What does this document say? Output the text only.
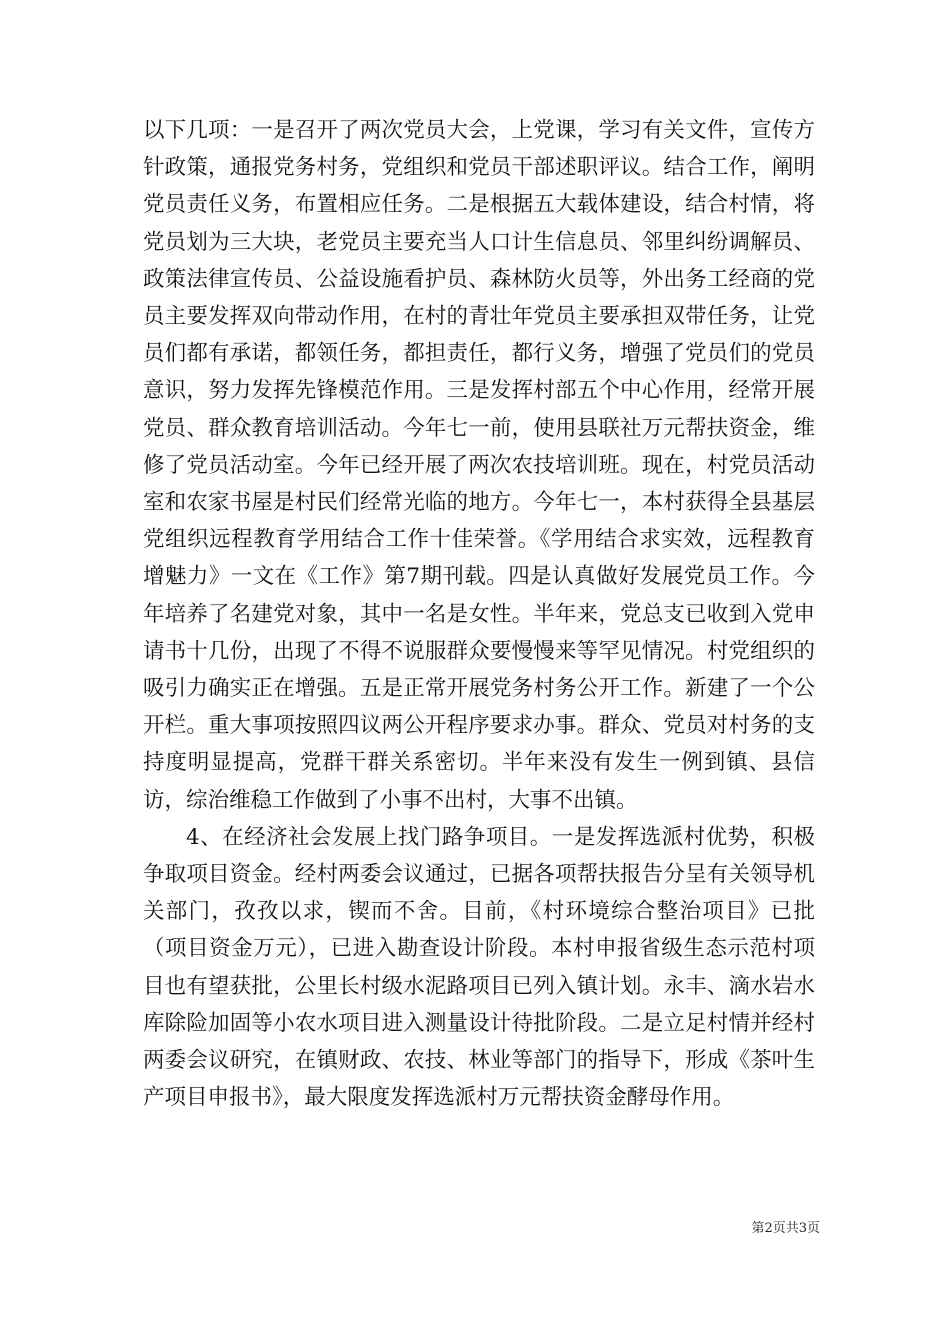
以下几项：一是召开了两次党员大会，上党课，学习有关文件，宣传方针政策，通报党务村务，党组织和党员干部述职评议。结合工作，阐明党员责任义务，布置相应任务。二是根据五大载体建设，结合村情，将党员划为三大块，老党员主要充当人口计生信息员、邻里纠纷调解员、政策法律宣传员、公益设施看护员、森林防火员等，外出务工经商的党员主要发挥双向带动作用，在村的青壮年党员主要承担双带任务，让党员们都有承诺，都领任务，都担责任，都行义务，增强了党员们的党员意识，努力发挥先锋模范作用。三是发挥村部五个中心作用，经常开展党员、群众教育培训活动。今年七一前，使用县联社万元帮扶资金，维修了党员活动室。今年已经开展了两次农技培训班。现在，村党员活动室和农家书屋是村民们经常光临的地方。今年七一，本村获得全县基层党组织远程教育学用结合工作十佳荣誉。《学用结合求实效，远程教育增魅力》一文在《工作》第7期刊载。四是认真做好发展党员工作。今年培养了名建党对象，其中一名是女性。半年来，党总支已收到入党申请书十几份，出现了不得不说服群众要慢慢来等罕见情况。村党组织的吸引力确实正在增强。五是正常开展党务村务公开工作。新建了一个公开栏。重大事项按照四议两公开程序要求办事。群众、党员对村务的支持度明显提高，党群干群关系密切。半年来没有发生一例到镇、县信访，综治维稳工作做到了小事不出村，大事不出镇。

4、在经济社会发展上找门路争项目。一是发挥选派村优势，积极争取项目资金。经村两委会议通过，已据各项帮扶报告分呈有关领导机关部门，孜孜以求，锲而不舍。目前，《村环境综合整治项目》已批（项目资金万元），已进入勘查设计阶段。本村申报省级生态示范村项目也有望获批，公里长村级水泥路项目已列入镇计划。永丰、滴水岩水库除险加固等小农水项目进入测量设计待批阶段。二是立足村情并经村两委会议研究，在镇财政、农技、林业等部门的指导下，形成《茶叶生产项目申报书》，最大限度发挥选派村万元帮扶资金酵母作用。

第2页共3页
